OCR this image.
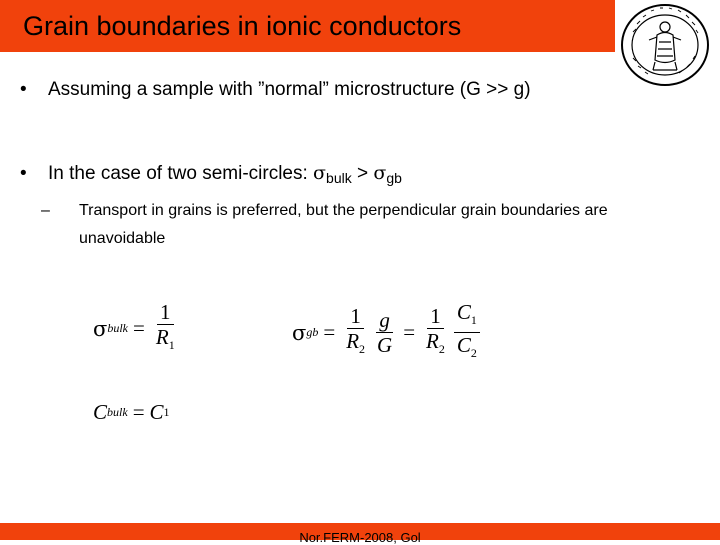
Grain boundaries in ionic conductors
•	Assuming a sample with ”normal” microstructure (G >> g)
•	In the case of two semi-circles: $\sigma_{bulk} > \sigma_{gb}$
–	Transport in grains is preferred, but the perpendicular grain boundaries are unavoidable
σ bulk = $\frac{1}{R_1}$	σ gb = $\frac{1}{R_2} \frac{g}{G} = \frac{1}{R_2} \frac{C_1}{C_2}$
C bulk = C 1
$_{Nor.FERM-2008, Gol}$
